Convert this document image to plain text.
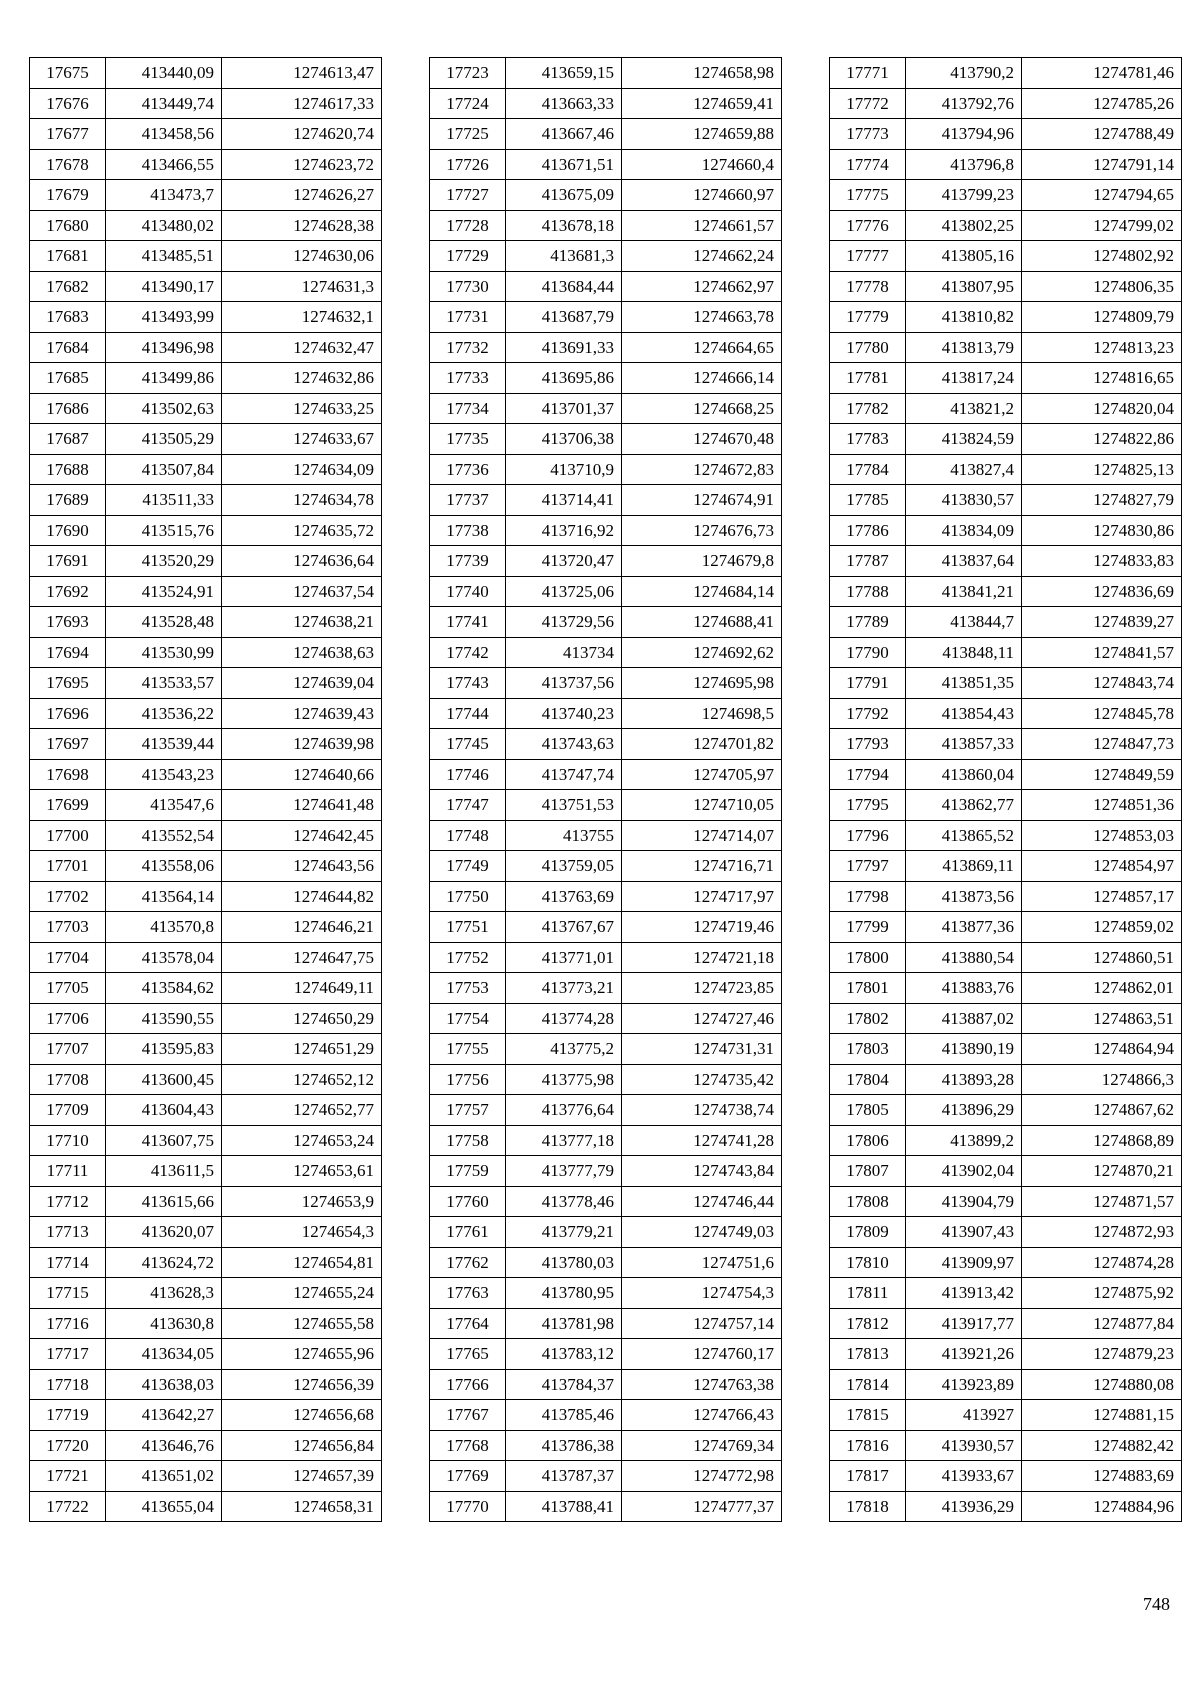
17675	413440,09	1274613,47
17676	413449,74	1274617,33
17677	413458,56	1274620,74
17678	413466,55	1274623,72
17679	413473,7	1274626,27
17680	413480,02	1274628,38
17681	413485,51	1274630,06
17682	413490,17	1274631,3
17683	413493,99	1274632,1
17684	413496,98	1274632,47
17685	413499,86	1274632,86
17686	413502,63	1274633,25
17687	413505,29	1274633,67
17688	413507,84	1274634,09
17689	413511,33	1274634,78
17690	413515,76	1274635,72
17691	413520,29	1274636,64
17692	413524,91	1274637,54
17693	413528,48	1274638,21
17694	413530,99	1274638,63
17695	413533,57	1274639,04
17696	413536,22	1274639,43
17697	413539,44	1274639,98
17698	413543,23	1274640,66
17699	413547,6	1274641,48
17700	413552,54	1274642,45
17701	413558,06	1274643,56
17702	413564,14	1274644,82
17703	413570,8	1274646,21
17704	413578,04	1274647,75
17705	413584,62	1274649,11
17706	413590,55	1274650,29
17707	413595,83	1274651,29
17708	413600,45	1274652,12
17709	413604,43	1274652,77
17710	413607,75	1274653,24
17711	413611,5	1274653,61
17712	413615,66	1274653,9
17713	413620,07	1274654,3
17714	413624,72	1274654,81
17715	413628,3	1274655,24
17716	413630,8	1274655,58
17717	413634,05	1274655,96
17718	413638,03	1274656,39
17719	413642,27	1274656,68
17720	413646,76	1274656,84
17721	413651,02	1274657,39
17722	413655,04	1274658,31
17723	413659,15	1274658,98
17724	413663,33	1274659,41
17725	413667,46	1274659,88
17726	413671,51	1274660,4
17727	413675,09	1274660,97
17728	413678,18	1274661,57
17729	413681,3	1274662,24
17730	413684,44	1274662,97
17731	413687,79	1274663,78
17732	413691,33	1274664,65
17733	413695,86	1274666,14
17734	413701,37	1274668,25
17735	413706,38	1274670,48
17736	413710,9	1274672,83
17737	413714,41	1274674,91
17738	413716,92	1274676,73
17739	413720,47	1274679,8
17740	413725,06	1274684,14
17741	413729,56	1274688,41
17742	413734	1274692,62
17743	413737,56	1274695,98
17744	413740,23	1274698,5
17745	413743,63	1274701,82
17746	413747,74	1274705,97
17747	413751,53	1274710,05
17748	413755	1274714,07
17749	413759,05	1274716,71
17750	413763,69	1274717,97
17751	413767,67	1274719,46
17752	413771,01	1274721,18
17753	413773,21	1274723,85
17754	413774,28	1274727,46
17755	413775,2	1274731,31
17756	413775,98	1274735,42
17757	413776,64	1274738,74
17758	413777,18	1274741,28
17759	413777,79	1274743,84
17760	413778,46	1274746,44
17761	413779,21	1274749,03
17762	413780,03	1274751,6
17763	413780,95	1274754,3
17764	413781,98	1274757,14
17765	413783,12	1274760,17
17766	413784,37	1274763,38
17767	413785,46	1274766,43
17768	413786,38	1274769,34
17769	413787,37	1274772,98
17770	413788,41	1274777,37
17771	413790,2	1274781,46
17772	413792,76	1274785,26
17773	413794,96	1274788,49
17774	413796,8	1274791,14
17775	413799,23	1274794,65
17776	413802,25	1274799,02
17777	413805,16	1274802,92
17778	413807,95	1274806,35
17779	413810,82	1274809,79
17780	413813,79	1274813,23
17781	413817,24	1274816,65
17782	413821,2	1274820,04
17783	413824,59	1274822,86
17784	413827,4	1274825,13
17785	413830,57	1274827,79
17786	413834,09	1274830,86
17787	413837,64	1274833,83
17788	413841,21	1274836,69
17789	413844,7	1274839,27
17790	413848,11	1274841,57
17791	413851,35	1274843,74
17792	413854,43	1274845,78
17793	413857,33	1274847,73
17794	413860,04	1274849,59
17795	413862,77	1274851,36
17796	413865,52	1274853,03
17797	413869,11	1274854,97
17798	413873,56	1274857,17
17799	413877,36	1274859,02
17800	413880,54	1274860,51
17801	413883,76	1274862,01
17802	413887,02	1274863,51
17803	413890,19	1274864,94
17804	413893,28	1274866,3
17805	413896,29	1274867,62
17806	413899,2	1274868,89
17807	413902,04	1274870,21
17808	413904,79	1274871,57
17809	413907,43	1274872,93
17810	413909,97	1274874,28
17811	413913,42	1274875,92
17812	413917,77	1274877,84
17813	413921,26	1274879,23
17814	413923,89	1274880,08
17815	413927	1274881,15
17816	413930,57	1274882,42
17817	413933,67	1274883,69
17818	413936,29	1274884,96
748
